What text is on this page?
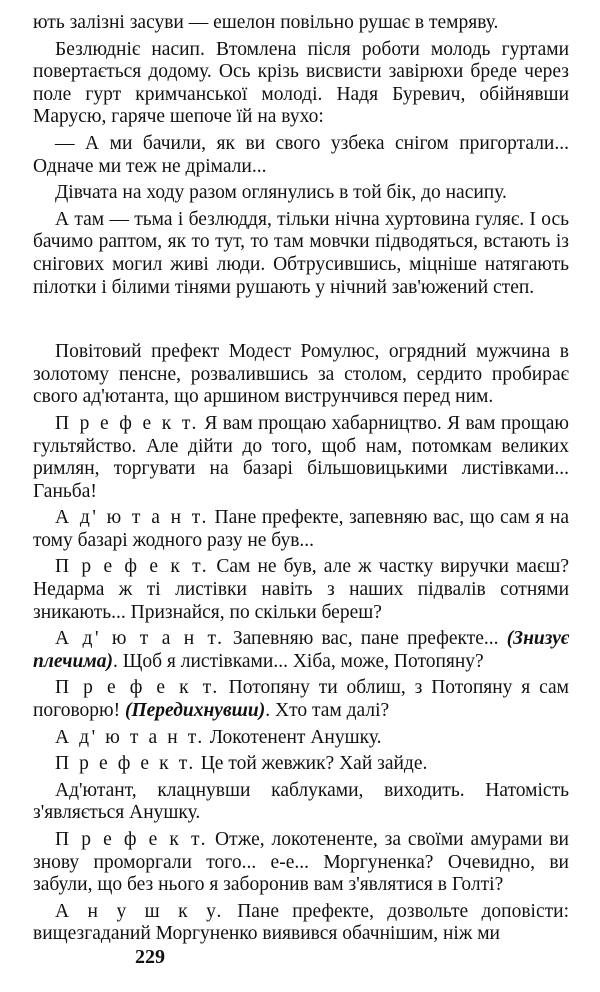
ють залізні засуви — ешелон повільно рушає в темряву.

Безлюдніє насип. Втомлена після роботи молодь гуртами повертається додому. Ось крізь висвисти завірюхи бреде через поле гурт кримчанської молоді. Надя Буревич, обійнявши Марусю, гаряче шепоче їй на вухо:

— А ми бачили, як ви свого узбека снігом пригортали... Одначе ми теж не дрімали...

Дівчата на ходу разом оглянулись в той бік, до насипу.

А там — тьма і безлюддя, тільки нічна хуртовина гуляє. І ось бачимо раптом, як то тут, то там мовчки підводяться, встають із снігових могил живі люди. Обтрусившись, міцніше натягають пілотки і білими тінями рушають у нічний зав'южений степ.

Повітовий префект Модест Ромулюс, огрядний мужчина в золотому пенсне, розвалившись за столом, сердито пробирає свого ад'ютанта, що аршином виструнчився перед ним.

П р е ф е к т. Я вам прощаю хабарництво. Я вам прощаю гультяйство. Але дійти до того, щоб нам, потомкам великих римлян, торгувати на базарі більшовицькими листівками... Ганьба!

А д' ю т а н т. Пане префекте, запевняю вас, що сам я на тому базарі жодного разу не був...

П р е ф е к т. Сам не був, але ж частку виручки маєш? Недарма ж ті листівки навіть з наших підвалів сотнями зникають... Признайся, по скільки береш?

А д' ю т а н т. Запевняю вас, пане префекте... (Знизує плечима). Щоб я листівками... Хіба, може, Потопяну?

П р е ф е к т. Потопяну ти облиш, з Потопяну я сам поговорю! (Передихнувши). Хто там далі?

А д' ю т а н т. Локотенент Анушку.

П р е ф е к т. Це той жевжик? Хай зайде.

Ад'ютант, клацнувши каблуками, виходить. Натомість з'являється Анушку.

П р е ф е к т. Отже, локотененте, за своїми амурами ви знову проморгали того... е-е... Моргуненка? Очевидно, ви забули, що без нього я заборонив вам з'являтися в Голті?

А н у ш к у. Пане префекте, дозвольте доповісти: вищезгаданий Моргуненко виявився обачнішим, ніж ми

229
